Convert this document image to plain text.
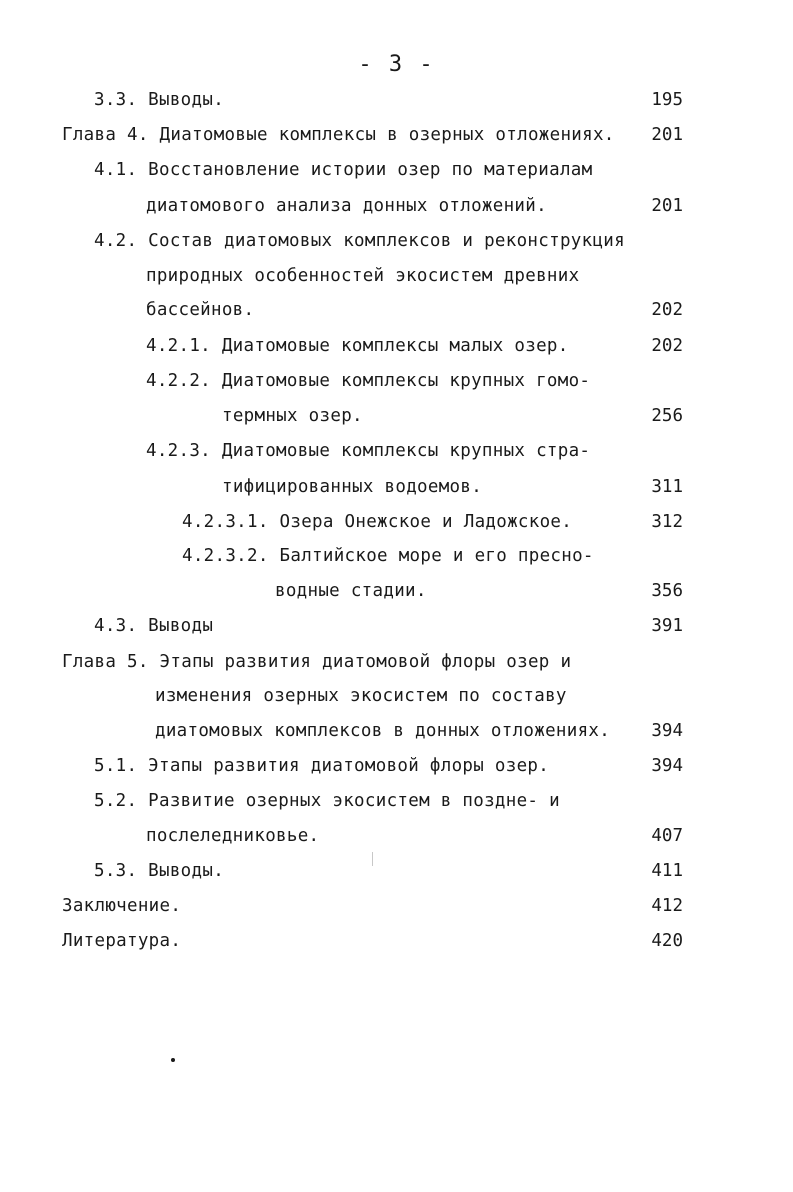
- 3 -
3.3. Выводы.	195
Глава 4. Диатомовые комплексы в озерных отложениях.	201
4.1. Восстановление истории озер по материалам
диатомового анализа донных отложений.	201
4.2. Состав диатомовых комплексов и реконструкция
природных особенностей экосистем древних
бассейнов.	202
4.2.1. Диатомовые комплексы малых озер.	202
4.2.2. Диатомовые комплексы крупных гомо-
термных озер.	256
4.2.3. Диатомовые комплексы крупных стра-
тифицированных водоемов.	311
4.2.3.1. Озера Онежское и Ладожское.	312
4.2.3.2. Балтийское море и его пресно-
водные стадии.	356
4.3. Выводы	391
Глава 5. Этапы развития диатомовой флоры озер и
изменения озерных экосистем по составу
диатомовых комплексов в донных отложениях.	394
5.1. Этапы развития диатомовой флоры озер.	394
5.2. Развитие озерных экосистем в поздне- и
послеледниковье.	407
5.3. Выводы.	411
Заключение.	412
Литература.	420
